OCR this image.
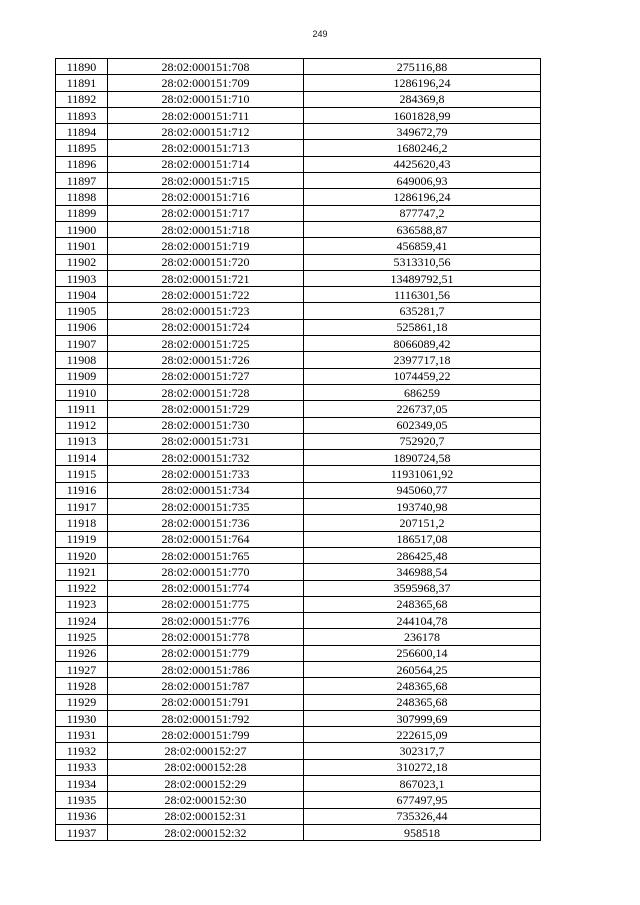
249
11890	28:02:000151:708	275116,88
11891	28:02:000151:709	1286196,24
11892	28:02:000151:710	284369,8
11893	28:02:000151:711	1601828,99
11894	28:02:000151:712	349672,79
11895	28:02:000151:713	1680246,2
11896	28:02:000151:714	4425620,43
11897	28:02:000151:715	649006,93
11898	28:02:000151:716	1286196,24
11899	28:02:000151:717	877747,2
11900	28:02:000151:718	636588,87
11901	28:02:000151:719	456859,41
11902	28:02:000151:720	5313310,56
11903	28:02:000151:721	13489792,51
11904	28:02:000151:722	1116301,56
11905	28:02:000151:723	635281,7
11906	28:02:000151:724	525861,18
11907	28:02:000151:725	8066089,42
11908	28:02:000151:726	2397717,18
11909	28:02:000151:727	1074459,22
11910	28:02:000151:728	686259
11911	28:02:000151:729	226737,05
11912	28:02:000151:730	602349,05
11913	28:02:000151:731	752920,7
11914	28:02:000151:732	1890724,58
11915	28:02:000151:733	11931061,92
11916	28:02:000151:734	945060,77
11917	28:02:000151:735	193740,98
11918	28:02:000151:736	207151,2
11919	28:02:000151:764	186517,08
11920	28:02:000151:765	286425,48
11921	28:02:000151:770	346988,54
11922	28:02:000151:774	3595968,37
11923	28:02:000151:775	248365,68
11924	28:02:000151:776	244104,78
11925	28:02:000151:778	236178
11926	28:02:000151:779	256600,14
11927	28:02:000151:786	260564,25
11928	28:02:000151:787	248365,68
11929	28:02:000151:791	248365,68
11930	28:02:000151:792	307999,69
11931	28:02:000151:799	222615,09
11932	28:02:000152:27	302317,7
11933	28:02:000152:28	310272,18
11934	28:02:000152:29	867023,1
11935	28:02:000152:30	677497,95
11936	28:02:000152:31	735326,44
11937	28:02:000152:32	958518
